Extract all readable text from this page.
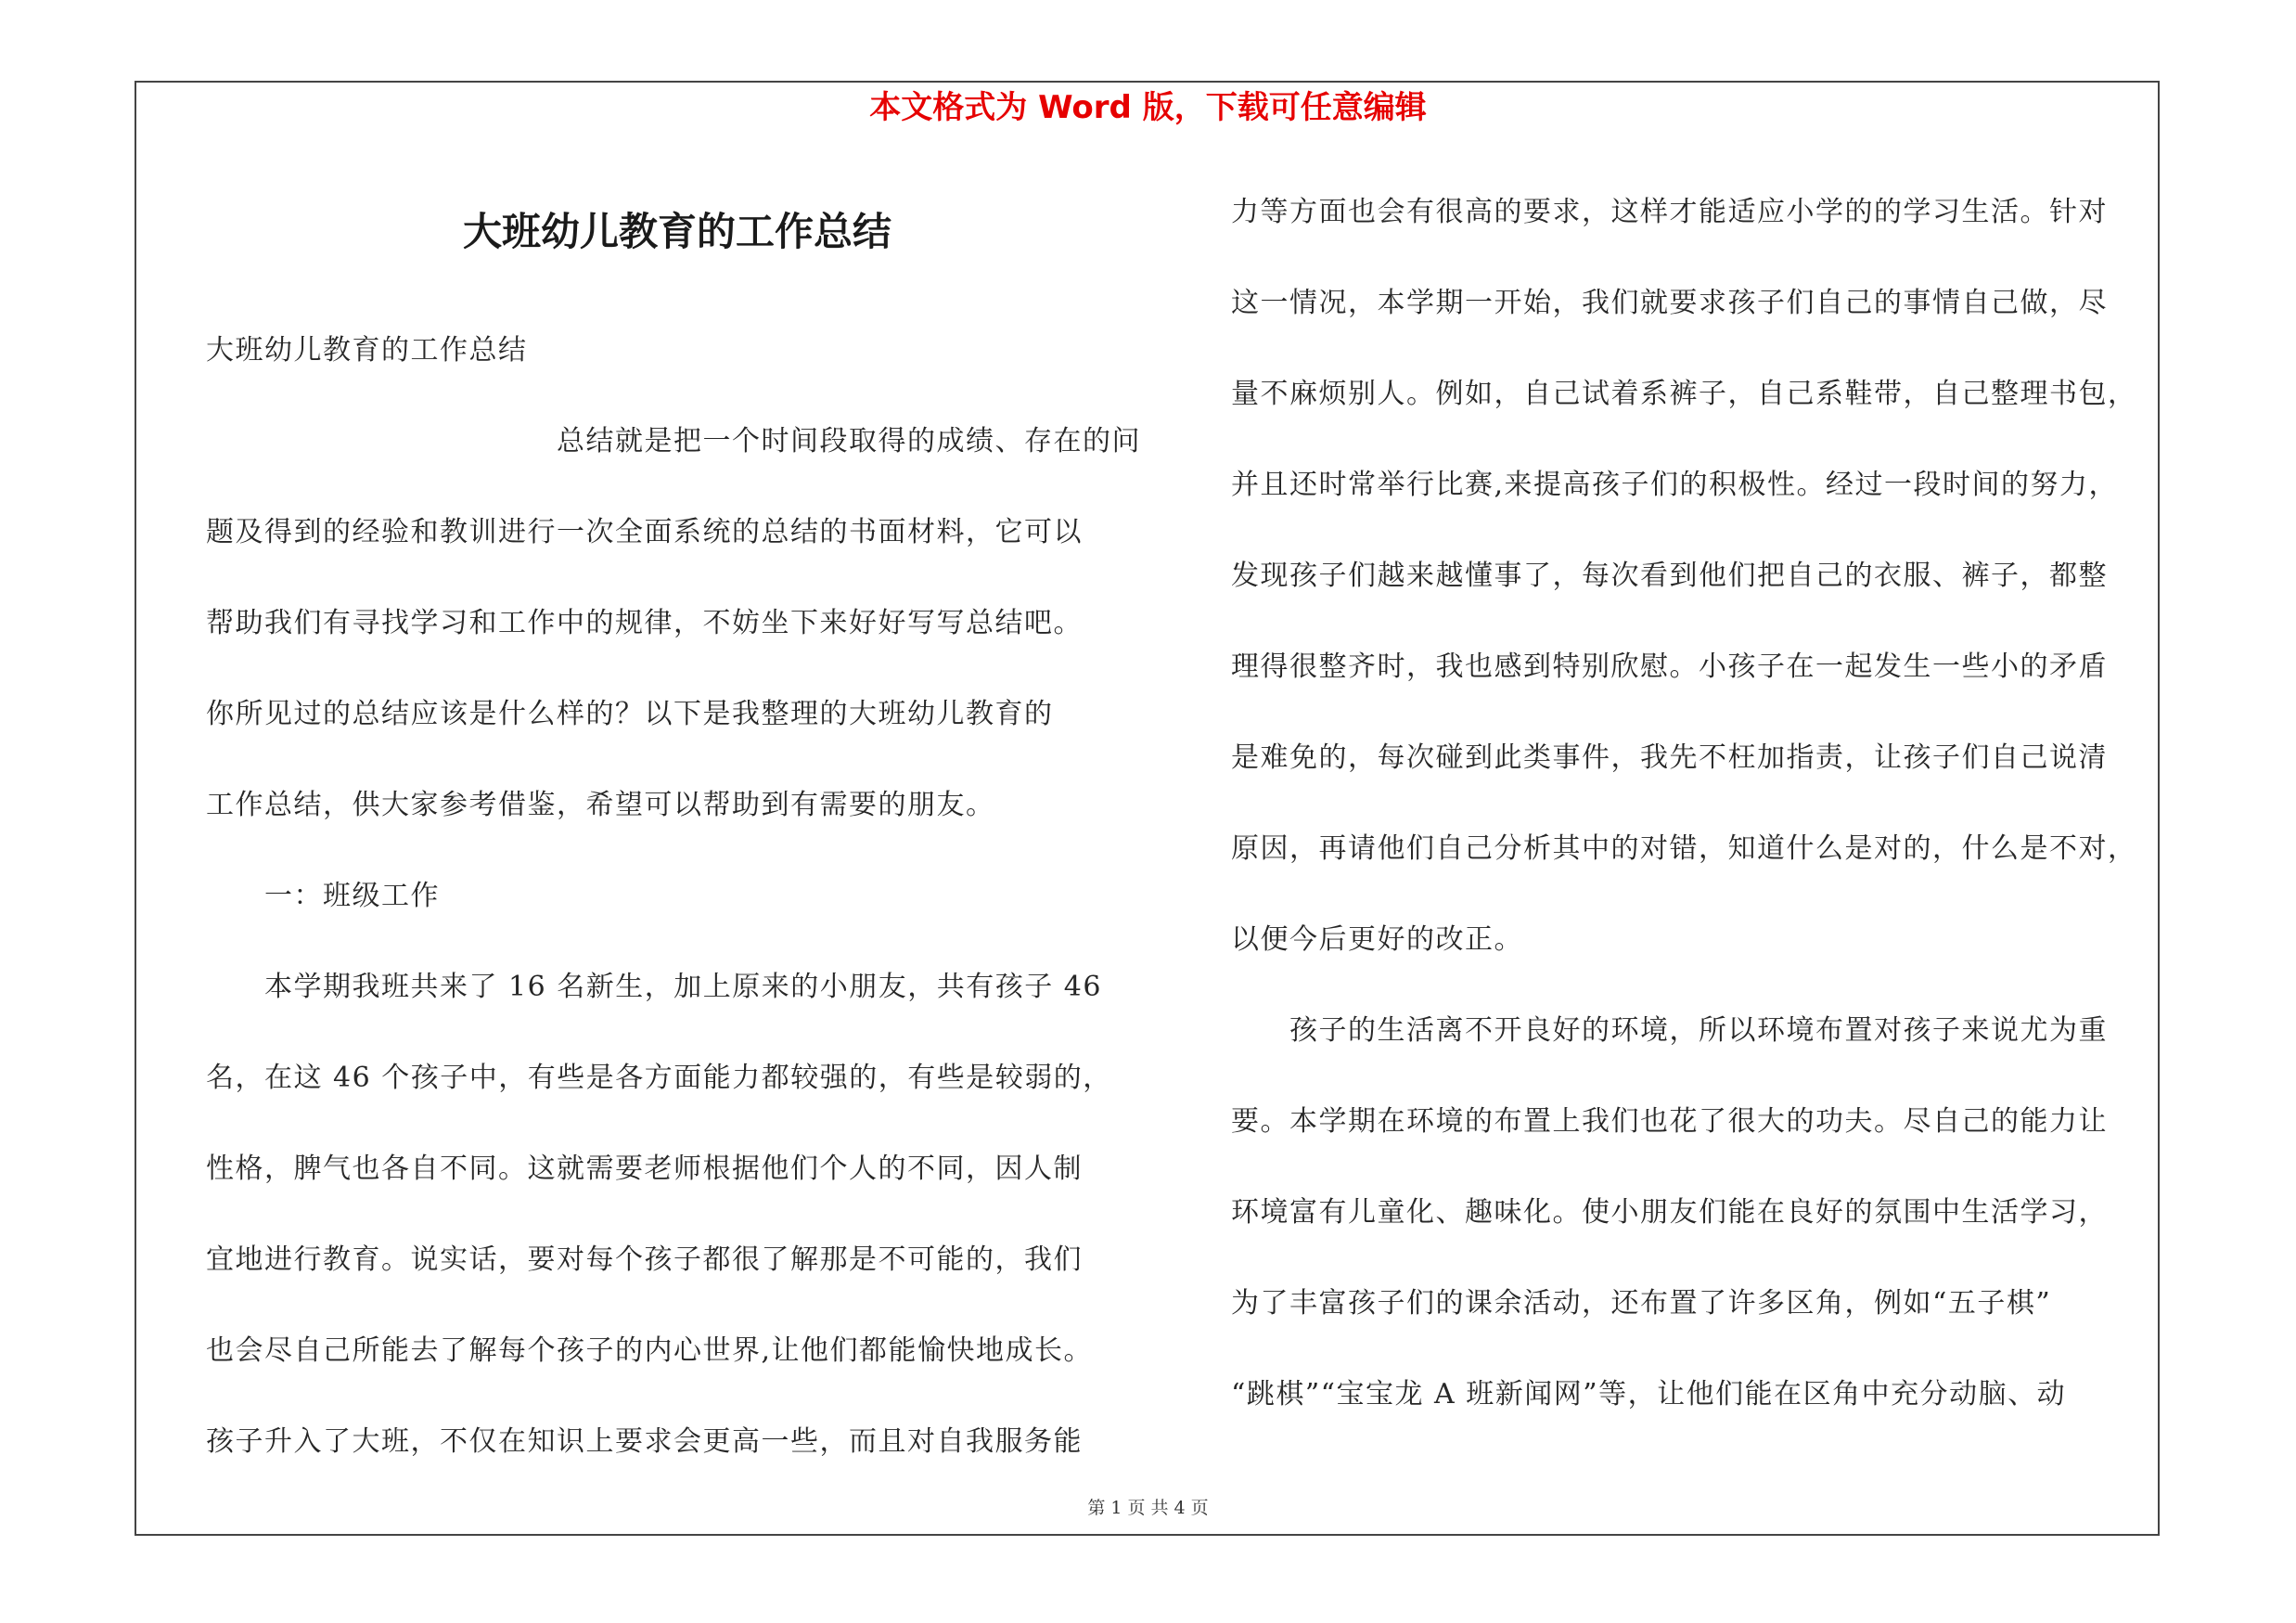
本文格式为 Word 版，下载可任意编辑
大班幼儿教育的工作总结
大班幼儿教育的工作总结
　　　　　　　　　　　　总结就是把一个时间段取得的成绩、存在的问
题及得到的经验和教训进行一次全面系统的总结的书面材料，它可以
帮助我们有寻找学习和工作中的规律，不妨坐下来好好写写总结吧。
你所见过的总结应该是什么样的？以下是我整理的大班幼儿教育的
工作总结，供大家参考借鉴，希望可以帮助到有需要的朋友。
　　一：班级工作
　　本学期我班共来了 16 名新生，加上原来的小朋友，共有孩子 46
名，在这 46 个孩子中，有些是各方面能力都较强的，有些是较弱的，
性格，脾气也各自不同。这就需要老师根据他们个人的不同，因人制
宜地进行教育。说实话，要对每个孩子都很了解那是不可能的，我们
也会尽自己所能去了解每个孩子的内心世界,让他们都能愉快地成长。
孩子升入了大班，不仅在知识上要求会更高一些，而且对自我服务能
力等方面也会有很高的要求，这样才能适应小学的的学习生活。针对
这一情况，本学期一开始，我们就要求孩子们自己的事情自己做，尽
量不麻烦别人。例如，自己试着系裤子，自己系鞋带，自己整理书包，
并且还时常举行比赛,来提高孩子们的积极性。经过一段时间的努力，
发现孩子们越来越懂事了，每次看到他们把自己的衣服、裤子，都整
理得很整齐时，我也感到特别欣慰。小孩子在一起发生一些小的矛盾
是难免的，每次碰到此类事件，我先不枉加指责，让孩子们自己说清
原因，再请他们自己分析其中的对错，知道什么是对的，什么是不对，
以便今后更好的改正。
　　孩子的生活离不开良好的环境，所以环境布置对孩子来说尤为重
要。本学期在环境的布置上我们也花了很大的功夫。尽自己的能力让
环境富有儿童化、趣味化。使小朋友们能在良好的氛围中生活学习，
为了丰富孩子们的课余活动，还布置了许多区角，例如“五子棋”
“跳棋”“宝宝龙 A 班新闻网”等，让他们能在区角中充分动脑、动
第 1 页 共 4 页
